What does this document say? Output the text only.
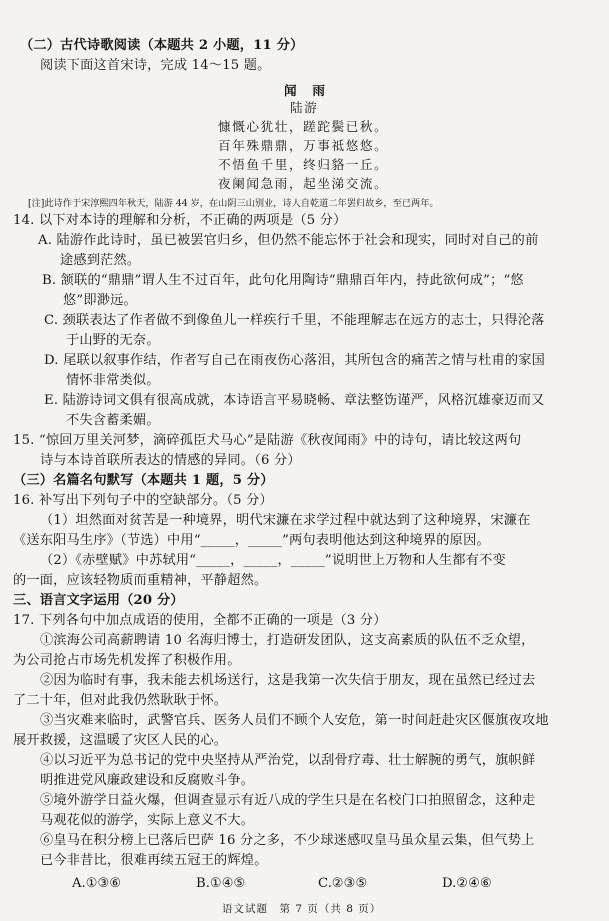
（二）古代诗歌阅读（本题共 2 小题，11 分）
阅读下面这首宋诗，完成 14～15 题。
闻　雨
陆游
慷慨心犹壮，蹉跎鬓已秋。
百年殊鼎鼎，万事祗悠悠。
不悟鱼千里，终归貉一丘。
夜阑闻急雨，起坐涕交流。
[注]此诗作于宋淳熙四年秋天，陆游 44 岁，在山阴三山别业，诗人自乾道二年罢归故乡，至已两年。
14. 以下对本诗的理解和分析，不正确的两项是（5 分）
A. 陆游作此诗时，虽已被罢官归乡，但仍然不能忘怀于社会和现实，同时对自己的前
途感到茫然。
B. 颔联的“鼎鼎”谓人生不过百年，此句化用陶诗“鼎鼎百年内，持此欲何成”；“悠
悠”即渺远。
C. 颈联表达了作者做不到像鱼儿一样疾行千里，不能理解志在远方的志士，只得沦落
于山野的无奈。
D. 尾联以叙事作结，作者写自己在雨夜伤心落泪，其所包含的痛苦之情与杜甫的家国
情怀非常类似。
E. 陆游诗词文俱有很高成就，本诗语言平易晓畅、章法整饬谨严，风格沉雄豪迈而又
不失含蓄柔媚。
15. “惊回万里关河梦，滴碎孤臣犬马心”是陆游《秋夜闻雨》中的诗句，请比较这两句
诗与本诗首联所表达的情感的异同。（6 分）
（三）名篇名句默写（本题共 1 题，5 分）
16. 补写出下列句子中的空缺部分。（5 分）
（1）坦然面对贫苦是一种境界，明代宋濂在求学过程中就达到了这种境界，宋濂在
《送东阳马生序》（节选）中用“_____，_____”两句表明他达到这种境界的原因。
（2）《赤壁赋》中苏轼用“_____，_____，_____”说明世上万物和人生都有不变
的一面，应该轻物质而重精神，平静超然。
三、语言文字运用（20 分）
17. 下列各句中加点成语的使用，全都不正确的一项是（3 分）
①滨海公司高薪聘请 10 名海归博士，打造研发团队，这支高素质的队伍不乏众望，
为公司抢占市场先机发挥了积极作用。
②因为临时有事，我未能去机场送行，这是我第一次失信于朋友，现在虽然已经过去
了二十年，但对此我仍然耿耿于怀。
③当灾难来临时，武警官兵、医务人员们不顾个人安危，第一时间赶赴灾区偃旗夜攻地
展开救援，这温暖了灾区人民的心。
④以习近平为总书记的党中央坚持从严治党，以刮骨疗毒、壮士解腕的勇气，旗帜鲜
明推进党风廉政建设和反腐败斗争。
⑤境外游学日益火爆，但调查显示有近八成的学生只是在名校门口拍照留念，这种走
马观花似的游学，实际上意义不大。
⑥皇马在积分榜上已落后巴萨 16 分之多，不少球迷感叹皇马虽众星云集，但气势上
已今非昔比，很难再续五冠王的辉煌。
A.①③⑥	B.①④⑤	C.②③⑤	D.②④⑥
语文试题　第 7 页（共 8 页）
